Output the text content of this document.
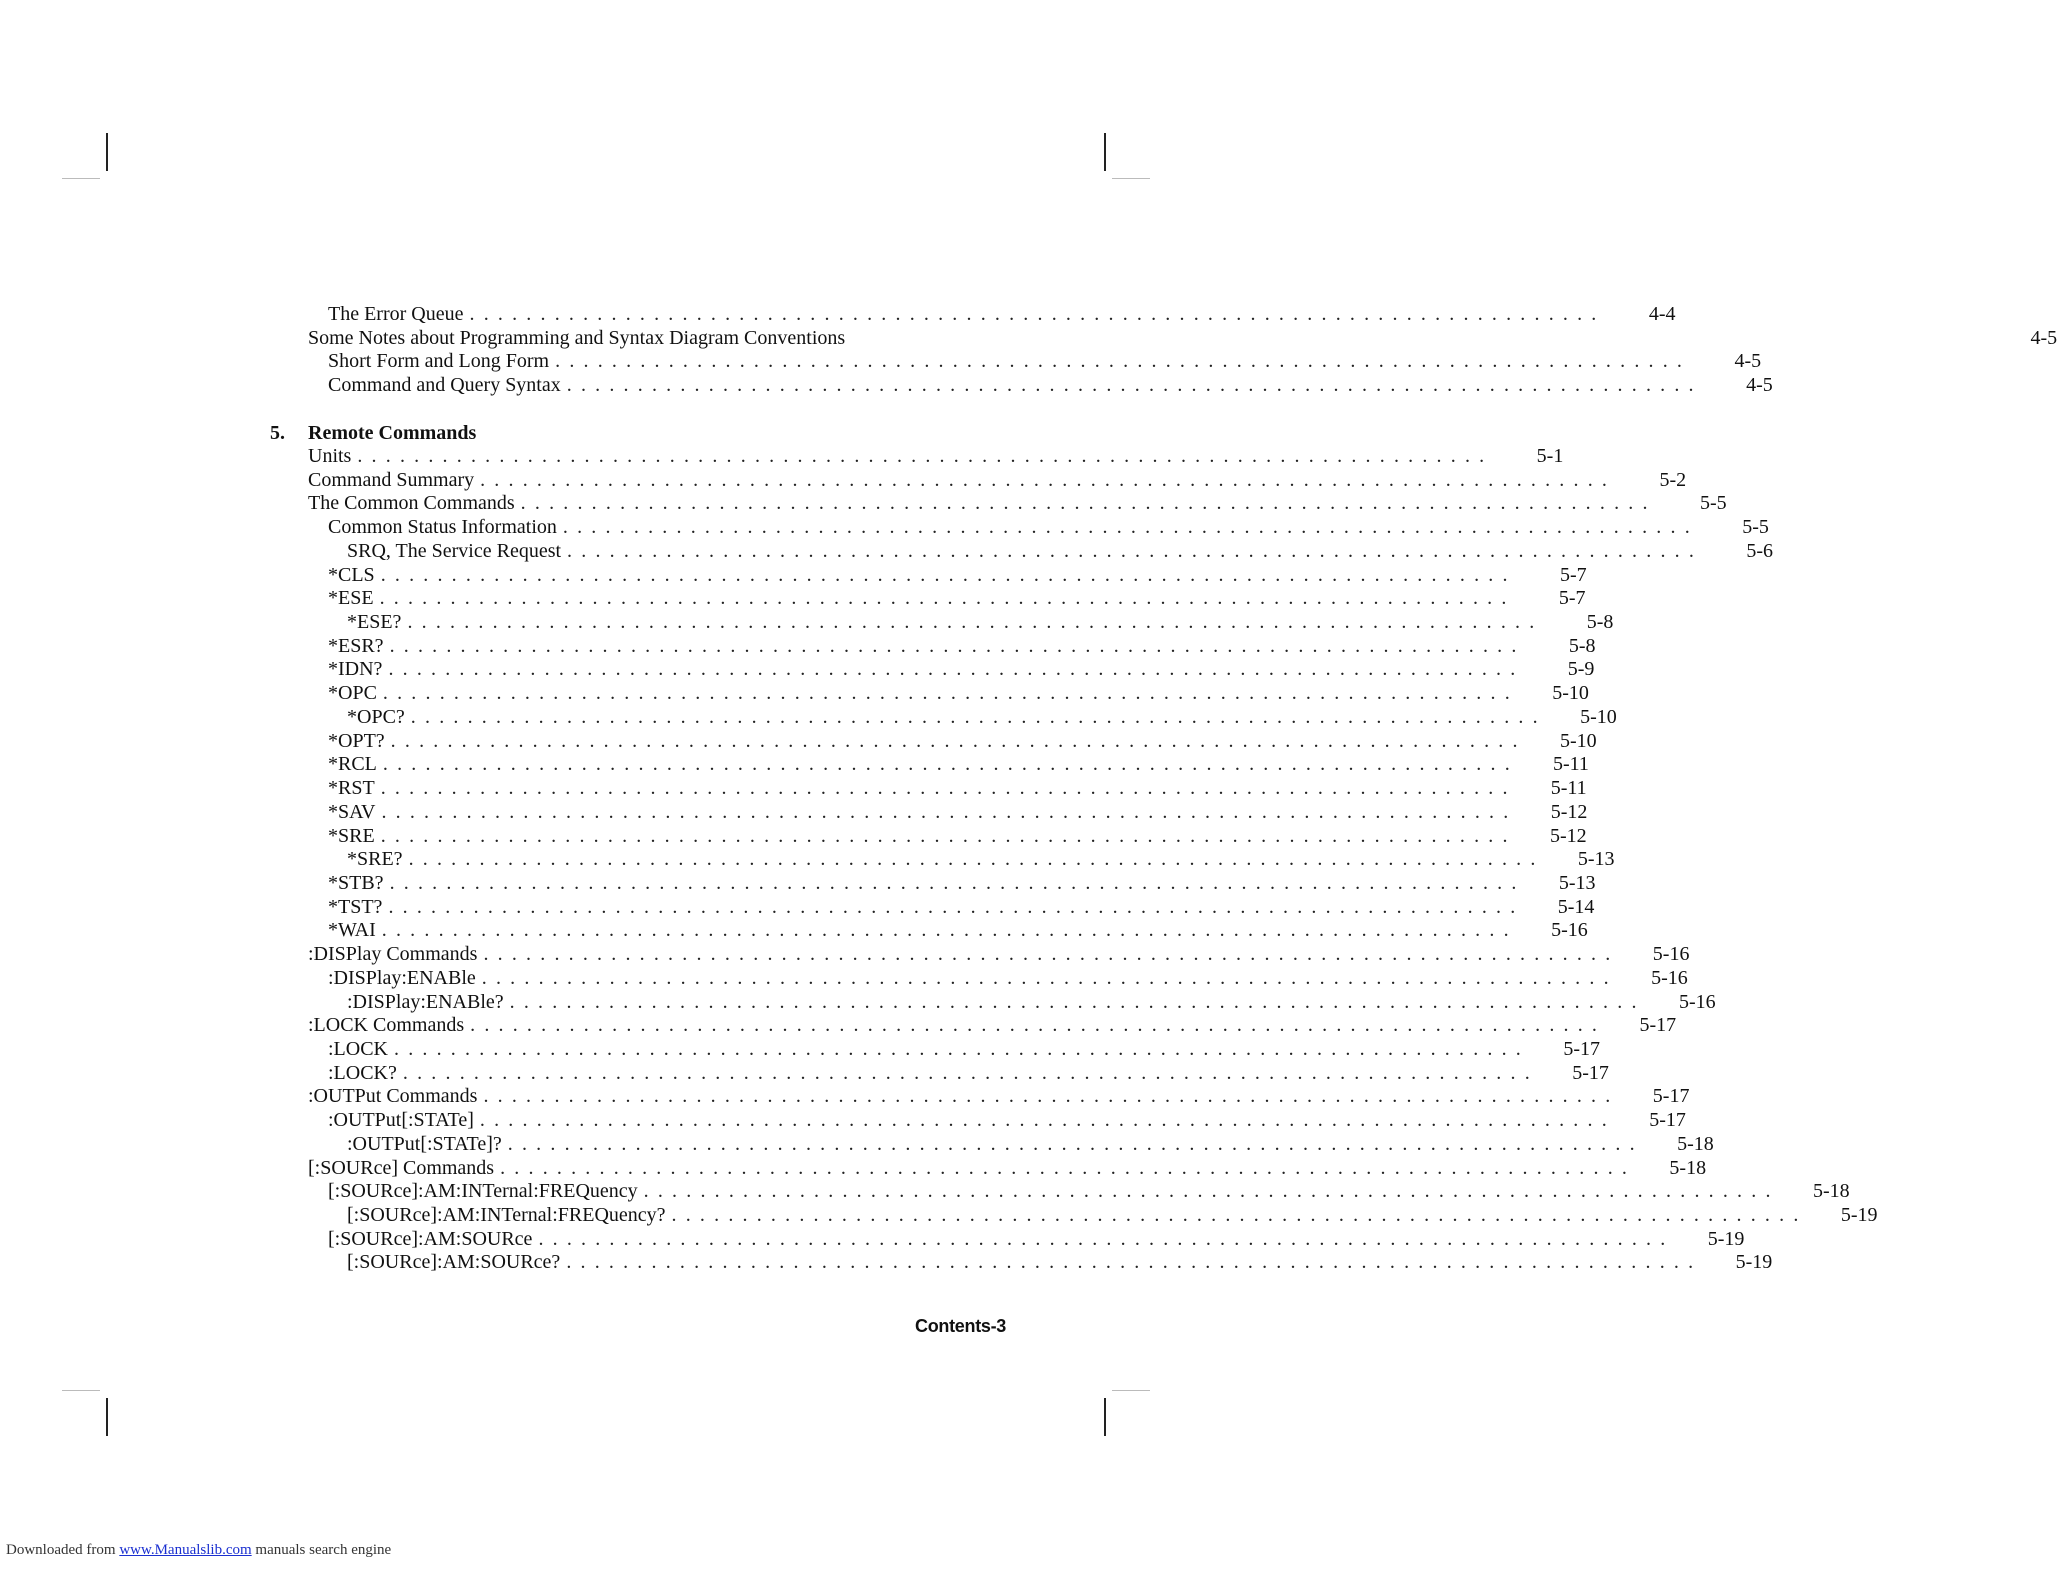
The Error Queue ................................................................................	4-4
Some Notes about Programming and Syntax Diagram Conventions	4-5
Short Form and Long Form ................................................................................	4-5
Command and Query Syntax ................................................................................	4-5
5. Remote Commands
Units ................................................................................	5-1
Command Summary ................................................................................	5-2
The Common Commands ................................................................................	5-5
Common Status Information ................................................................................	5-5
SRQ, The Service Request ................................................................................	5-6
*CLS ................................................................................	5-7
*ESE ................................................................................	5-7
*ESE? ................................................................................	5-8
*ESR? ................................................................................	5-8
*IDN? ................................................................................	5-9
*OPC ................................................................................ 5-10
*OPC? ................................................................................ 5-10
*OPT? ................................................................................ 5-10
*RCL ................................................................................ 5-11
*RST ................................................................................ 5-11
*SAV ................................................................................ 5-12
*SRE ................................................................................ 5-12
*SRE? ................................................................................ 5-13
*STB? ................................................................................ 5-13
*TST? ................................................................................ 5-14
*WAI ................................................................................ 5-16
:DISPlay Commands ................................................................................ 5-16
:DISPlay:ENABle ................................................................................ 5-16
:DISPlay:ENABle? ................................................................................ 5-16
:LOCK Commands ................................................................................ 5-17
:LOCK ................................................................................ 5-17
:LOCK? ................................................................................ 5-17
:OUTPut Commands ................................................................................ 5-17
:OUTPut[:STATe] ................................................................................ 5-17
:OUTPut[:STATe]? ................................................................................ 5-18
[:SOURce] Commands ................................................................................ 5-18
[:SOURce]:AM:INTernal:FREQuency ................................................................................ 5-18
[:SOURce]:AM:INTernal:FREQuency? ................................................................................ 5-19
[:SOURce]:AM:SOURce ................................................................................ 5-19
[:SOURce]:AM:SOURce? ................................................................................ 5-19
Contents-3
Downloaded from www.Manualslib.com manuals search engine
